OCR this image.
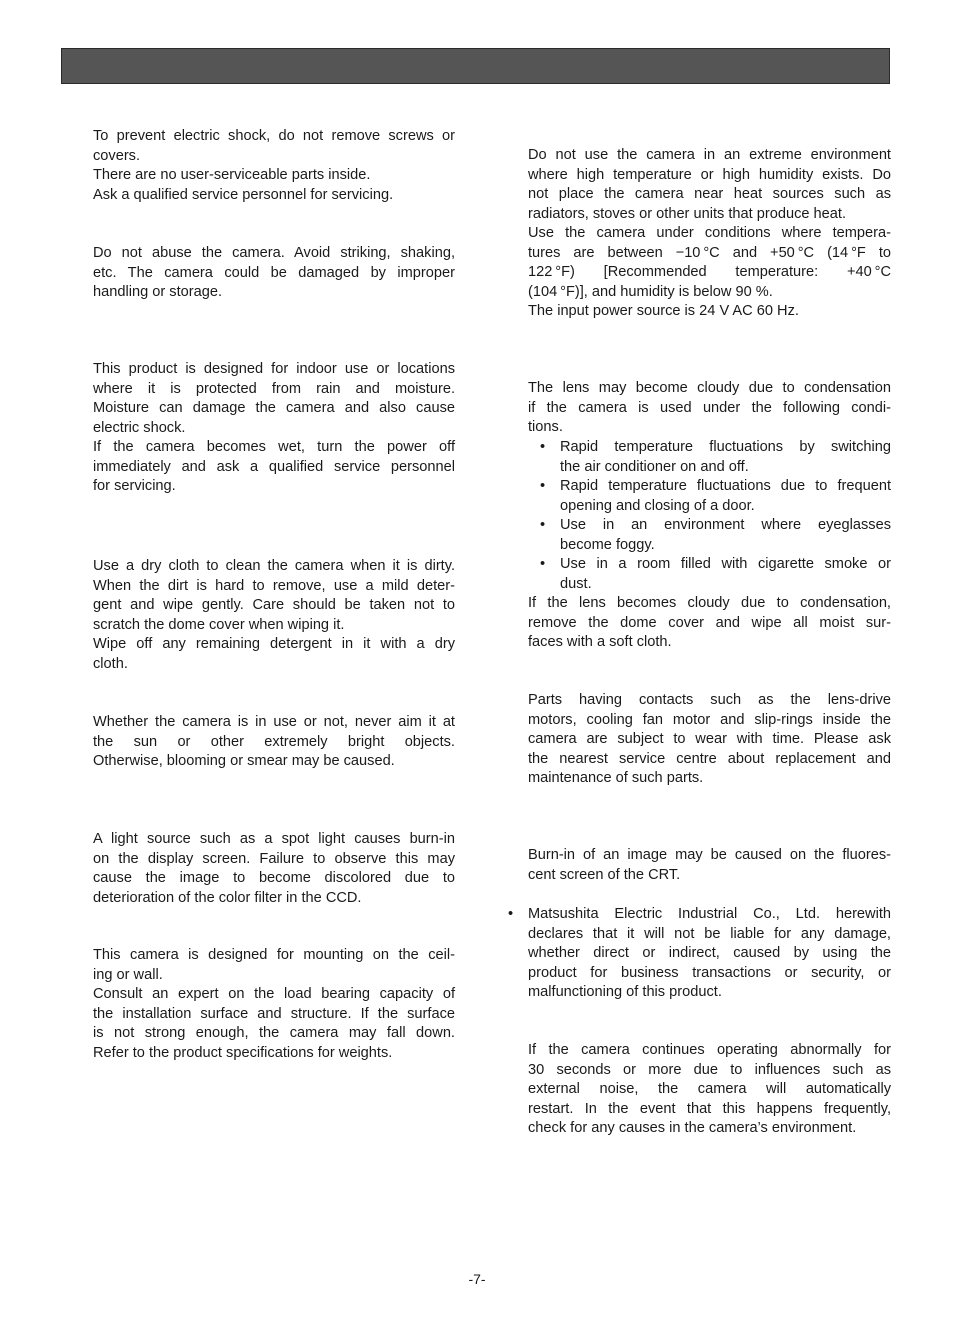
To prevent electric shock, do not remove screws or
covers.
There are no user-serviceable parts inside.
Ask a qualified service personnel for servicing.
Do not abuse the camera. Avoid striking, shaking,
etc. The camera could be damaged by improper
handling or storage.
This product is designed for indoor use or locations
where it is protected from rain and moisture.
Moisture can damage the camera and also cause
electric shock.
If the camera becomes wet, turn the power off
immediately and ask a qualified service personnel
for servicing.
Use a dry cloth to clean the camera when it is dirty.
When the dirt is hard to remove, use a mild deter-
gent and wipe gently. Care should be taken not to
scratch the dome cover when wiping it.
Wipe off any remaining detergent in it with a dry
cloth.
Whether the camera is in use or not, never aim it at
the sun or other extremely bright objects.
Otherwise, blooming or smear may be caused.
A light source such as a spot light causes burn-in
on the display screen. Failure to observe this may
cause the image to become discolored due to
deterioration of the color filter in the CCD.
This camera is designed for mounting on the ceil-
ing or wall.
Consult an expert on the load bearing capacity of
the installation surface and structure. If the surface
is not strong enough, the camera may fall down.
Refer to the product specifications for weights.
Do not use the camera in an extreme environment
where high temperature or high humidity exists. Do
not place the camera near heat sources such as
radiators, stoves or other units that produce heat.
Use the camera under conditions where tempera-
tures are between −10 °C and +50 °C (14 °F to
122 °F) [Recommended temperature: +40 °C
(104 °F)], and humidity is below 90 %.
The input power source is 24 V AC 60 Hz.
The lens may become cloudy due to condensation
if the camera is used under the following condi-
tions.
• Rapid temperature fluctuations by switching
the air conditioner on and off.
• Rapid temperature fluctuations due to frequent
opening and closing of a door.
• Use in an environment where eyeglasses
become foggy.
• Use in a room filled with cigarette smoke or
dust.
If the lens becomes cloudy due to condensation,
remove the dome cover and wipe all moist sur-
faces with a soft cloth.
Parts having contacts such as the lens-drive
motors, cooling fan motor and slip-rings inside the
camera are subject to wear with time. Please ask
the nearest service centre about replacement and
maintenance of such parts.
Burn-in of an image may be caused on the fluores-
cent screen of the CRT.
• Matsushita Electric Industrial Co., Ltd. herewith
declares that it will not be liable for any damage,
whether direct or indirect, caused by using the
product for business transactions or security, or
malfunctioning of this product.
If the camera continues operating abnormally for
30 seconds or more due to influences such as
external noise, the camera will automatically
restart. In the event that this happens frequently,
check for any causes in the camera’s environment.
-7-
